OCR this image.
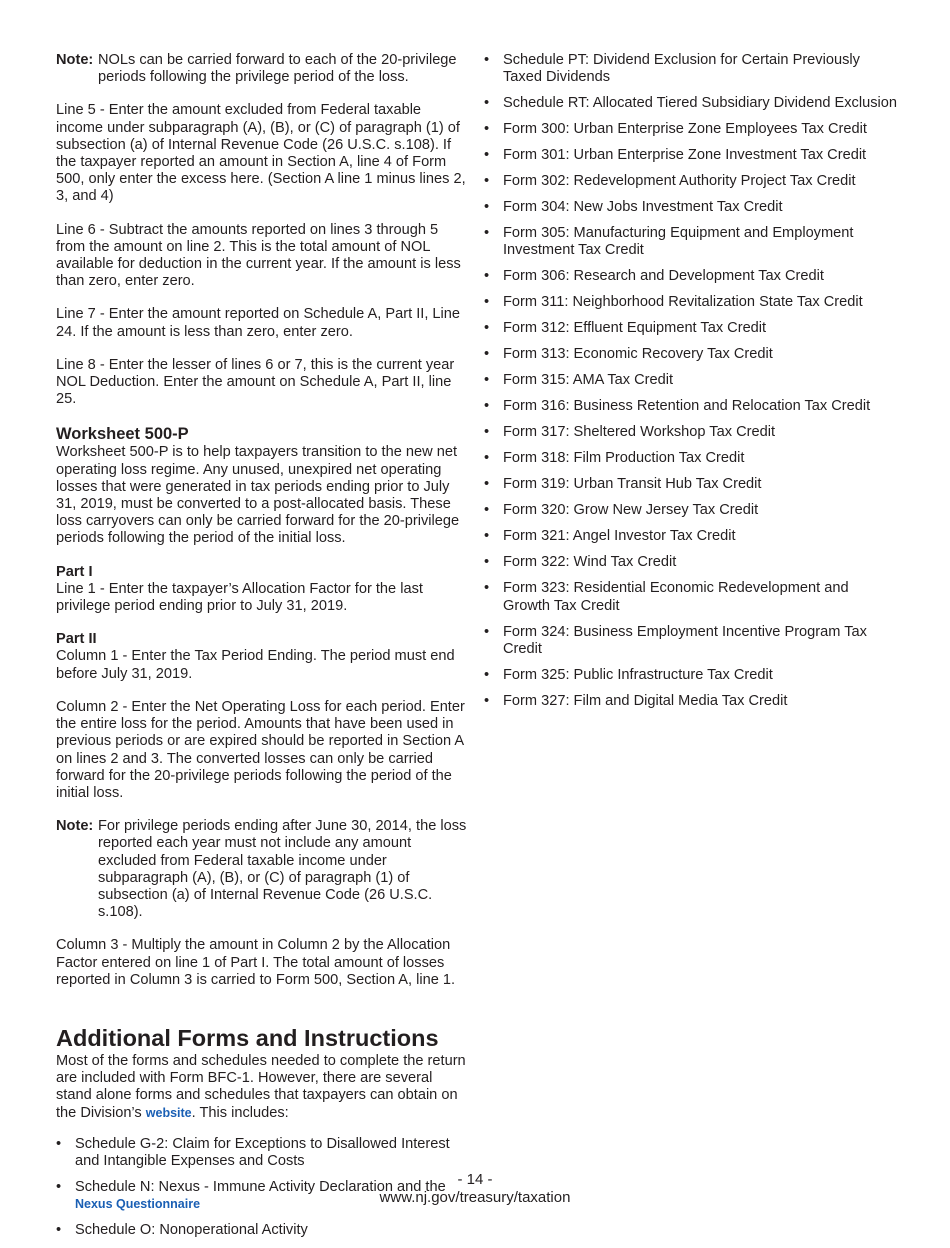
Note: NOLs can be carried forward to each of the 20-privilege periods following the privilege period of the loss.

Line 5 - Enter the amount excluded from Federal taxable income under subparagraph (A), (B), or (C) of paragraph (1) of subsection (a) of Internal Revenue Code (26 U.S.C. s.108). If the taxpayer reported an amount in Section A, line 4 of Form 500, only enter the excess here. (Section A line 1 minus lines 2, 3, and 4)

Line 6 - Subtract the amounts reported on lines 3 through 5 from the amount on line 2. This is the total amount of NOL available for deduction in the current year. If the amount is less than zero, enter zero.

Line 7 - Enter the amount reported on Schedule A, Part II, Line 24. If the amount is less than zero, enter zero.

Line 8 - Enter the lesser of lines 6 or 7, this is the current year NOL Deduction. Enter the amount on Schedule A, Part II, line 25.

Worksheet 500-P

Worksheet 500-P is to help taxpayers transition to the new net operating loss regime. Any unused, unexpired net operating losses that were generated in tax periods ending prior to July 31, 2019, must be converted to a post-allocated basis. These loss carryovers can only be carried forward for the 20-privilege periods following the period of the initial loss.

Part I

Line 1 - Enter the taxpayer’s Allocation Factor for the last privilege period ending prior to July 31, 2019.

Part II

Column 1 - Enter the Tax Period Ending. The period must end before July 31, 2019.

Column 2 - Enter the Net Operating Loss for each period. Enter the entire loss for the period. Amounts that have been used in previous periods or are expired should be reported in Section A on lines 2 and 3. The converted losses can only be carried forward for the 20-privilege periods following the period of the initial loss.

Note: For privilege periods ending after June 30, 2014, the loss reported each year must not include any amount excluded from Federal taxable income under subparagraph (A), (B), or (C) of paragraph (1) of subsection (a) of Internal Revenue Code (26 U.S.C. s.108).

Column 3 - Multiply the amount in Column 2 by the Allocation Factor entered on line 1 of Part I. The total amount of losses reported in Column 3 is carried to Form 500, Section A, line 1.

Additional Forms and Instructions

Most of the forms and schedules needed to complete the return are included with Form BFC-1. However, there are several stand alone forms and schedules that taxpayers can obtain on the Division’s website. This includes:

• Schedule G-2: Claim for Exceptions to Disallowed Interest and Intangible Expenses and Costs
• Schedule N: Nexus - Immune Activity Declaration and the
Nexus Questionnaire
• Schedule O: Nonoperational Activity
• Schedule PT: Dividend Exclusion for Certain Previously Taxed Dividends
• Schedule RT: Allocated Tiered Subsidiary Dividend Exclusion
• Form 300: Urban Enterprise Zone Employees Tax Credit
• Form 301: Urban Enterprise Zone Investment Tax Credit
• Form 302: Redevelopment Authority Project Tax Credit
• Form 304: New Jobs Investment Tax Credit
• Form 305: Manufacturing Equipment and Employment Investment Tax Credit
• Form 306: Research and Development Tax Credit
• Form 311: Neighborhood Revitalization State Tax Credit
• Form 312: Effluent Equipment Tax Credit
• Form 313: Economic Recovery Tax Credit
• Form 315: AMA Tax Credit
• Form 316: Business Retention and Relocation Tax Credit
• Form 317: Sheltered Workshop Tax Credit
• Form 318: Film Production Tax Credit
• Form 319: Urban Transit Hub Tax Credit
• Form 320: Grow New Jersey Tax Credit
• Form 321: Angel Investor Tax Credit
• Form 322: Wind Tax Credit
• Form 323: Residential Economic Redevelopment and Growth Tax Credit
• Form 324: Business Employment Incentive Program Tax Credit
• Form 325: Public Infrastructure Tax Credit
• Form 327: Film and Digital Media Tax Credit
- 14 -
www.nj.gov/treasury/taxation
